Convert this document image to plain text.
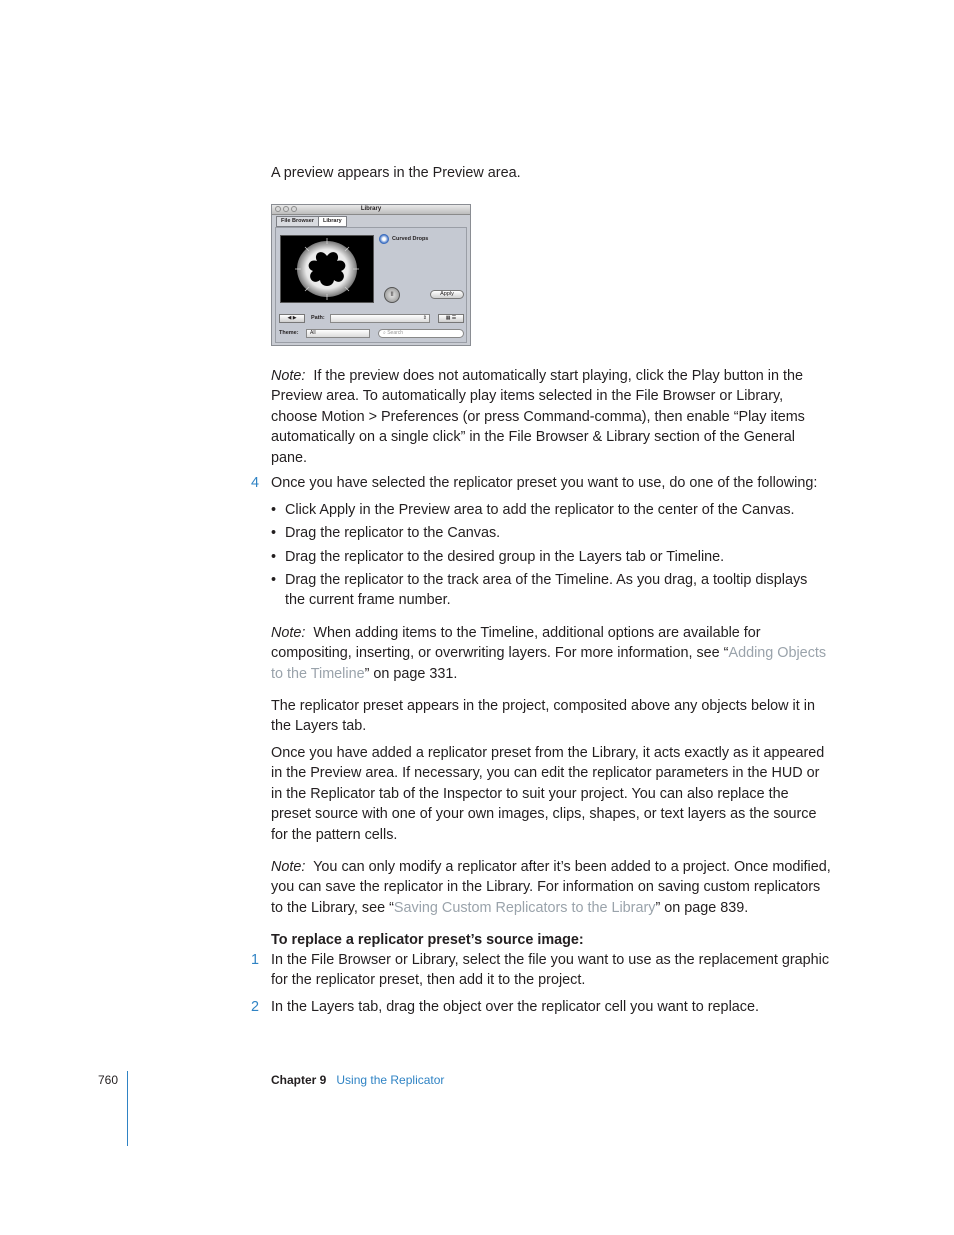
A preview appears in the Preview area.
Library
File Browser	Library
Curved Drops
II	Apply
◀ ▶	Path:	⇕	▦ ☰
Theme:	All	⌕ Search
Note: If the preview does not automatically start playing, click the Play button in the Preview area. To automatically play items selected in the File Browser or Library, choose Motion > Preferences (or press Command-comma), then enable “Play items automatically on a single click” in the File Browser & Library section of the General pane.
4 Once you have selected the replicator preset you want to use, do one of the following:
• Click Apply in the Preview area to add the replicator to the center of the Canvas.
• Drag the replicator to the Canvas.
• Drag the replicator to the desired group in the Layers tab or Timeline.
• Drag the replicator to the track area of the Timeline. As you drag, a tooltip displays the current frame number.
Note: When adding items to the Timeline, additional options are available for compositing, inserting, or overwriting layers. For more information, see “Adding Objects to the Timeline” on page 331.
The replicator preset appears in the project, composited above any objects below it in the Layers tab.
Once you have added a replicator preset from the Library, it acts exactly as it appeared in the Preview area. If necessary, you can edit the replicator parameters in the HUD or in the Replicator tab of the Inspector to suit your project. You can also replace the preset source with one of your own images, clips, shapes, or text layers as the source for the pattern cells.
Note: You can only modify a replicator after it’s been added to a project. Once modified, you can save the replicator in the Library. For information on saving custom replicators to the Library, see “Saving Custom Replicators to the Library” on page 839.
To replace a replicator preset’s source image:
1 In the File Browser or Library, select the file you want to use as the replacement graphic for the replicator preset, then add it to the project.
2 In the Layers tab, drag the object over the replicator cell you want to replace.
760	Chapter 9 Using the Replicator
